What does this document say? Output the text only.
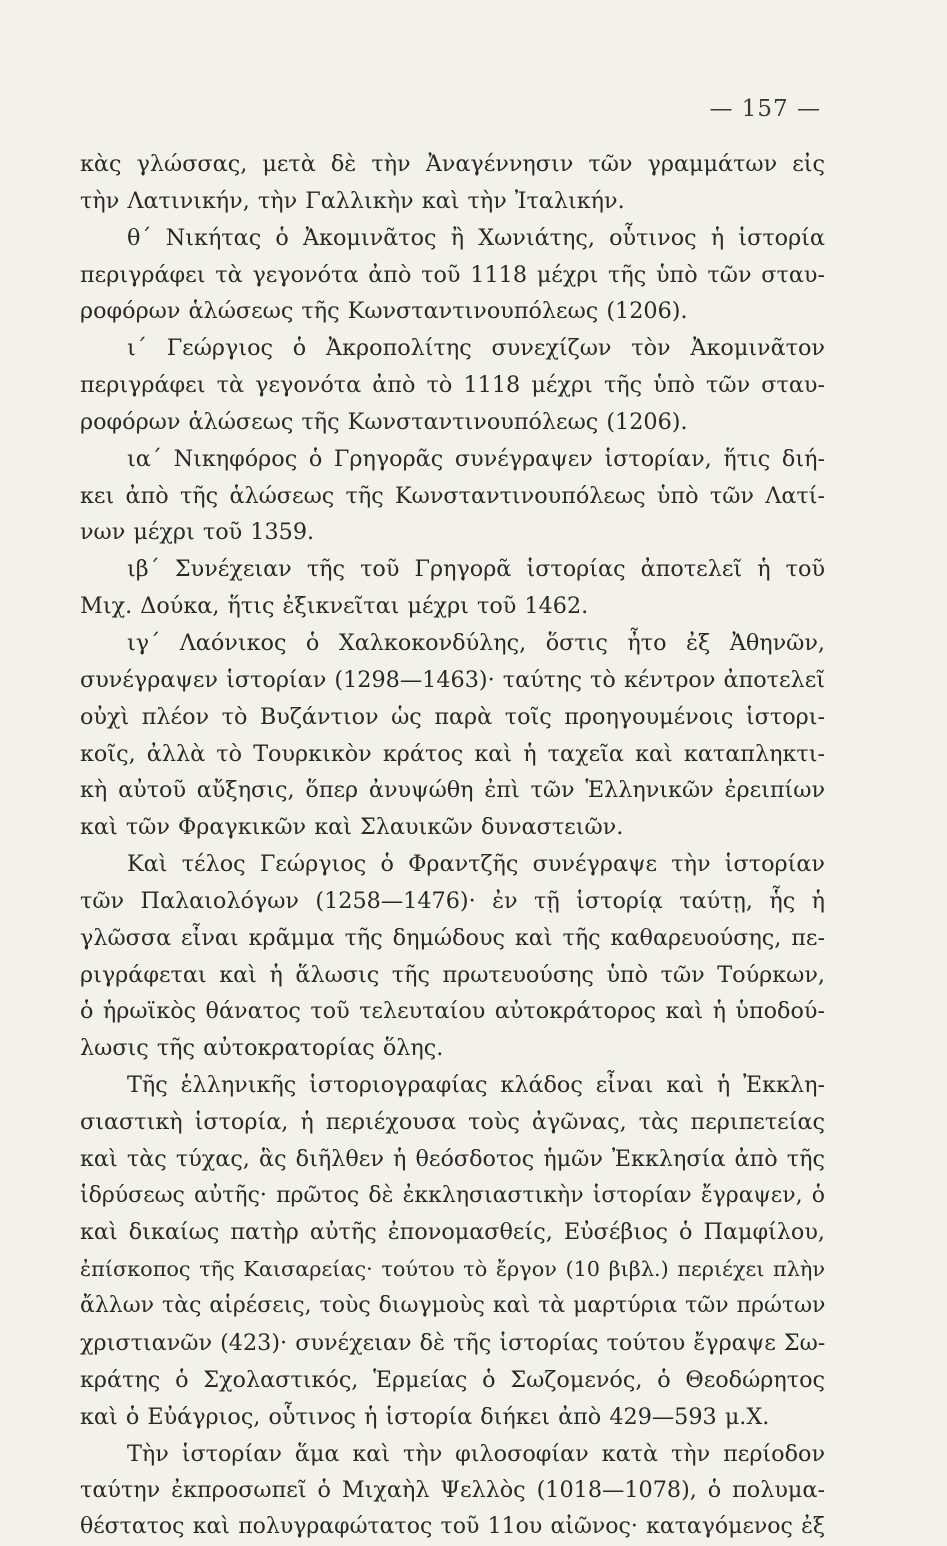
— 157 —
κὰς γλώσσας, μετὰ δὲ τὴν Ἀναγέννησιν τῶν γραμμάτων εἰς
τὴν Λατινικήν, τὴν Γαλλικὴν καὶ τὴν Ἰταλικήν.
θ΄ Νικήτας ὁ Ἀκομινᾶτος ἢ Χωνιάτης, οὗτινος ἡ ἱστορία
περιγράφει τὰ γεγονότα ἀπὸ τοῦ 1118 μέχρι τῆς ὑπὸ τῶν σταυ-
ροφόρων ἁλώσεως τῆς Κωνσταντινουπόλεως (1206).
ι΄ Γεώργιος ὁ Ἀκροπολίτης συνεχίζων τὸν Ἀκομινᾶτον
περιγράφει τὰ γεγονότα ἀπὸ τὸ 1118 μέχρι τῆς ὑπὸ τῶν σταυ-
ροφόρων ἁλώσεως τῆς Κωνσταντινουπόλεως (1206).
ια΄ Νικηφόρος ὁ Γρηγορᾶς συνέγραψεν ἱστορίαν, ἥτις διή-
κει ἀπὸ τῆς ἁλώσεως τῆς Κωνσταντινουπόλεως ὑπὸ τῶν Λατί-
νων μέχρι τοῦ 1359.
ιβ΄ Συνέχειαν τῆς τοῦ Γρηγορᾶ ἱστορίας ἀποτελεῖ ἡ τοῦ
Μιχ. Δούκα, ἥτις ἐξικνεῖται μέχρι τοῦ 1462.
ιγ΄ Λαόνικος ὁ Χαλκοκονδύλης, ὅστις ἦτο ἐξ Ἀθηνῶν,
συνέγραψεν ἱστορίαν (1298—1463)· ταύτης τὸ κέντρον ἀποτελεῖ
οὐχὶ πλέον τὸ Βυζάντιον ὡς παρὰ τοῖς προηγουμένοις ἱστορι-
κοῖς, ἀλλὰ τὸ Τουρκικὸν κράτος καὶ ἡ ταχεῖα καὶ καταπληκτι-
κὴ αὐτοῦ αὔξησις, ὅπερ ἀνυψώθη ἐπὶ τῶν Ἑλληνικῶν ἐρειπίων
καὶ τῶν Φραγκικῶν καὶ Σλαυικῶν δυναστειῶν.
Καὶ τέλος Γεώργιος ὁ Φραντζῆς συνέγραψε τὴν ἱστορίαν
τῶν Παλαιολόγων (1258—1476)· ἐν τῇ ἱστορίᾳ ταύτῃ, ἧς ἡ
γλῶσσα εἶναι κρᾶμμα τῆς δημώδους καὶ τῆς καθαρευούσης, πε-
ριγράφεται καὶ ἡ ἅλωσις τῆς πρωτευούσης ὑπὸ τῶν Τούρκων,
ὁ ἡρωϊκὸς θάνατος τοῦ τελευταίου αὐτοκράτορος καὶ ἡ ὑποδού-
λωσις τῆς αὐτοκρατορίας ὅλης.
Τῆς ἑλληνικῆς ἱστοριογραφίας κλάδος εἶναι καὶ ἡ Ἐκκλη-
σιαστικὴ ἱστορία, ἡ περιέχουσα τοὺς ἀγῶνας, τὰς περιπετείας
καὶ τὰς τύχας, ἃς διῆλθεν ἡ θεόσδοτος ἡμῶν Ἐκκλησία ἀπὸ τῆς
ἱδρύσεως αὐτῆς· πρῶτος δὲ ἐκκλησιαστικὴν ἱστορίαν ἔγραψεν, ὁ
καὶ δικαίως πατὴρ αὐτῆς ἐπονομασθείς, Εὐσέβιος ὁ Παμφίλου,
ἐπίσκοπος τῆς Καισαρείας· τούτου τὸ ἔργον (10 βιβλ.) περιέχει πλὴν
ἄλλων τὰς αἱρέσεις, τοὺς διωγμοὺς καὶ τὰ μαρτύρια τῶν πρώτων
χριστιανῶν (423)· συνέχειαν δὲ τῆς ἱστορίας τούτου ἔγραψε Σω-
κράτης ὁ Σχολαστικός, Ἑρμείας ὁ Σωζομενός, ὁ Θεοδώρητος
καὶ ὁ Εὐάγριος, οὗτινος ἡ ἱστορία διήκει ἀπὸ 429—593 μ.Χ.
Τὴν ἱστορίαν ἅμα καὶ τὴν φιλοσοφίαν κατὰ τὴν περίοδον
ταύτην ἐκπροσωπεῖ ὁ Μιχαὴλ Ψελλὸς (1018—1078), ὁ πολυμα-
θέστατος καὶ πολυγραφώτατος τοῦ 11ου αἰῶνος· καταγόμενος ἐξ
